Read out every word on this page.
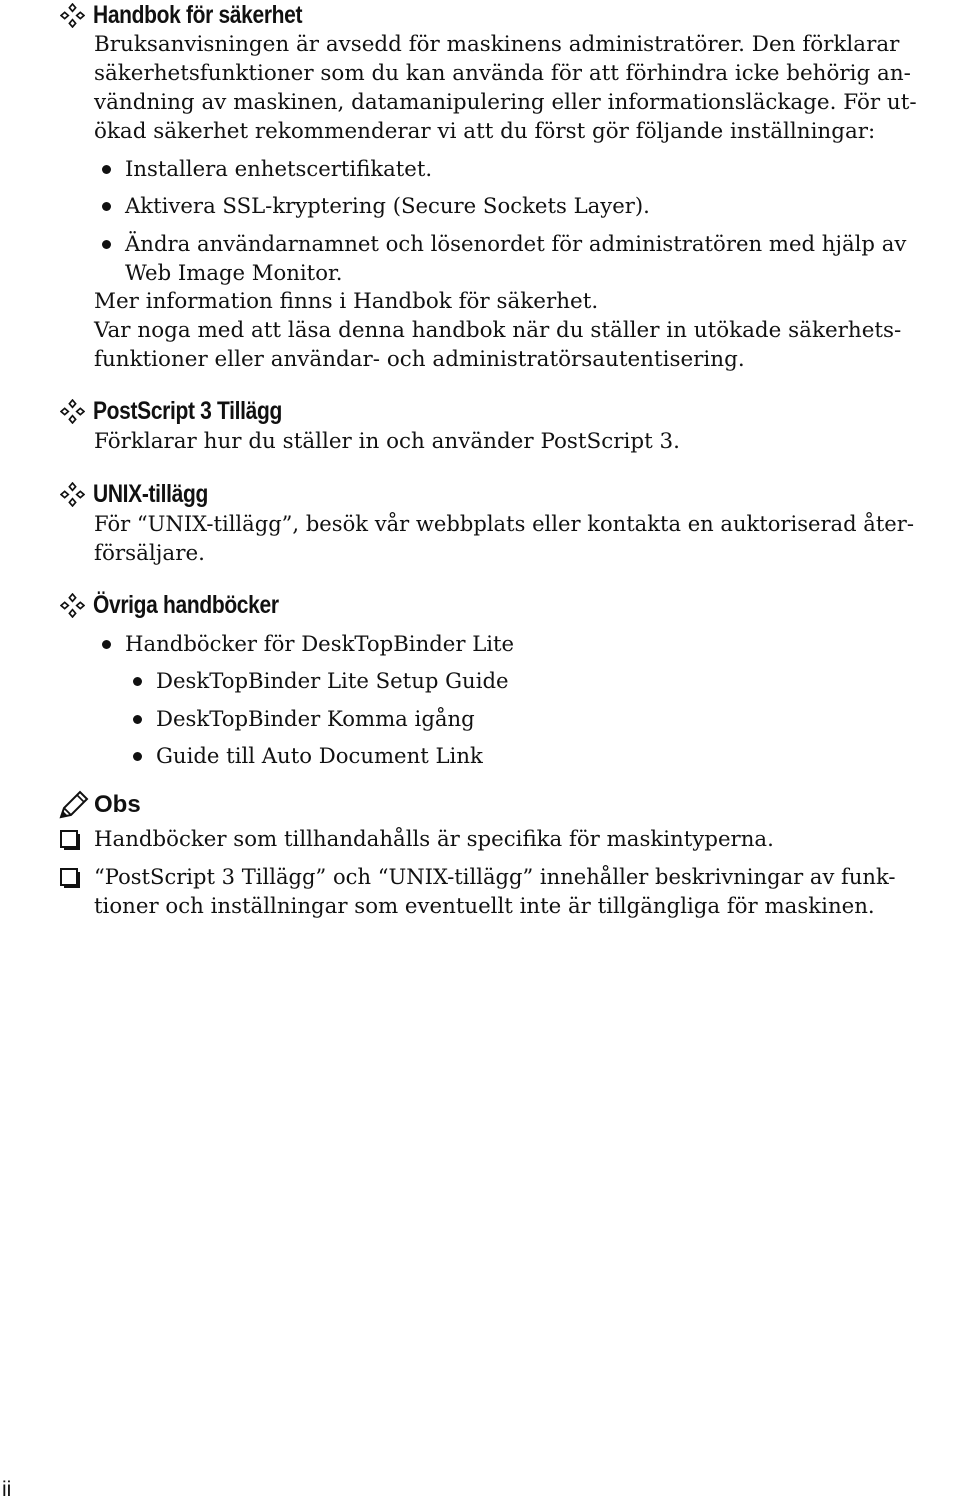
Handbok för säkerhet
Bruksanvisningen är avsedd för maskinens administratörer. Den förklarar
säkerhetsfunktioner som du kan använda för att förhindra icke behörig an-
vändning av maskinen, datamanipulering eller informationsläckage. För ut-
ökad säkerhet rekommenderar vi att du först gör följande inställningar:
Installera enhetscertifikatet.
Aktivera SSL-kryptering (Secure Sockets Layer).
Ändra användarnamnet och lösenordet för administratören med hjälp av
Web Image Monitor.
Mer information finns i Handbok för säkerhet.
Var noga med att läsa denna handbok när du ställer in utökade säkerhets-
funktioner eller användar- och administratörsautentisering.
PostScript 3 Tillägg
Förklarar hur du ställer in och använder PostScript 3.
UNIX-tillägg
För “UNIX-tillägg”, besök vår webbplats eller kontakta en auktoriserad åter-
försäljare.
Övriga handböcker
Handböcker för DeskTopBinder Lite
DeskTopBinder Lite Setup Guide
DeskTopBinder Komma igång
Guide till Auto Document Link
Obs
Handböcker som tillhandahålls är specifika för maskintyperna.
“PostScript 3 Tillägg” och “UNIX-tillägg” innehåller beskrivningar av funk-
tioner och inställningar som eventuellt inte är tillgängliga för maskinen.
ii
